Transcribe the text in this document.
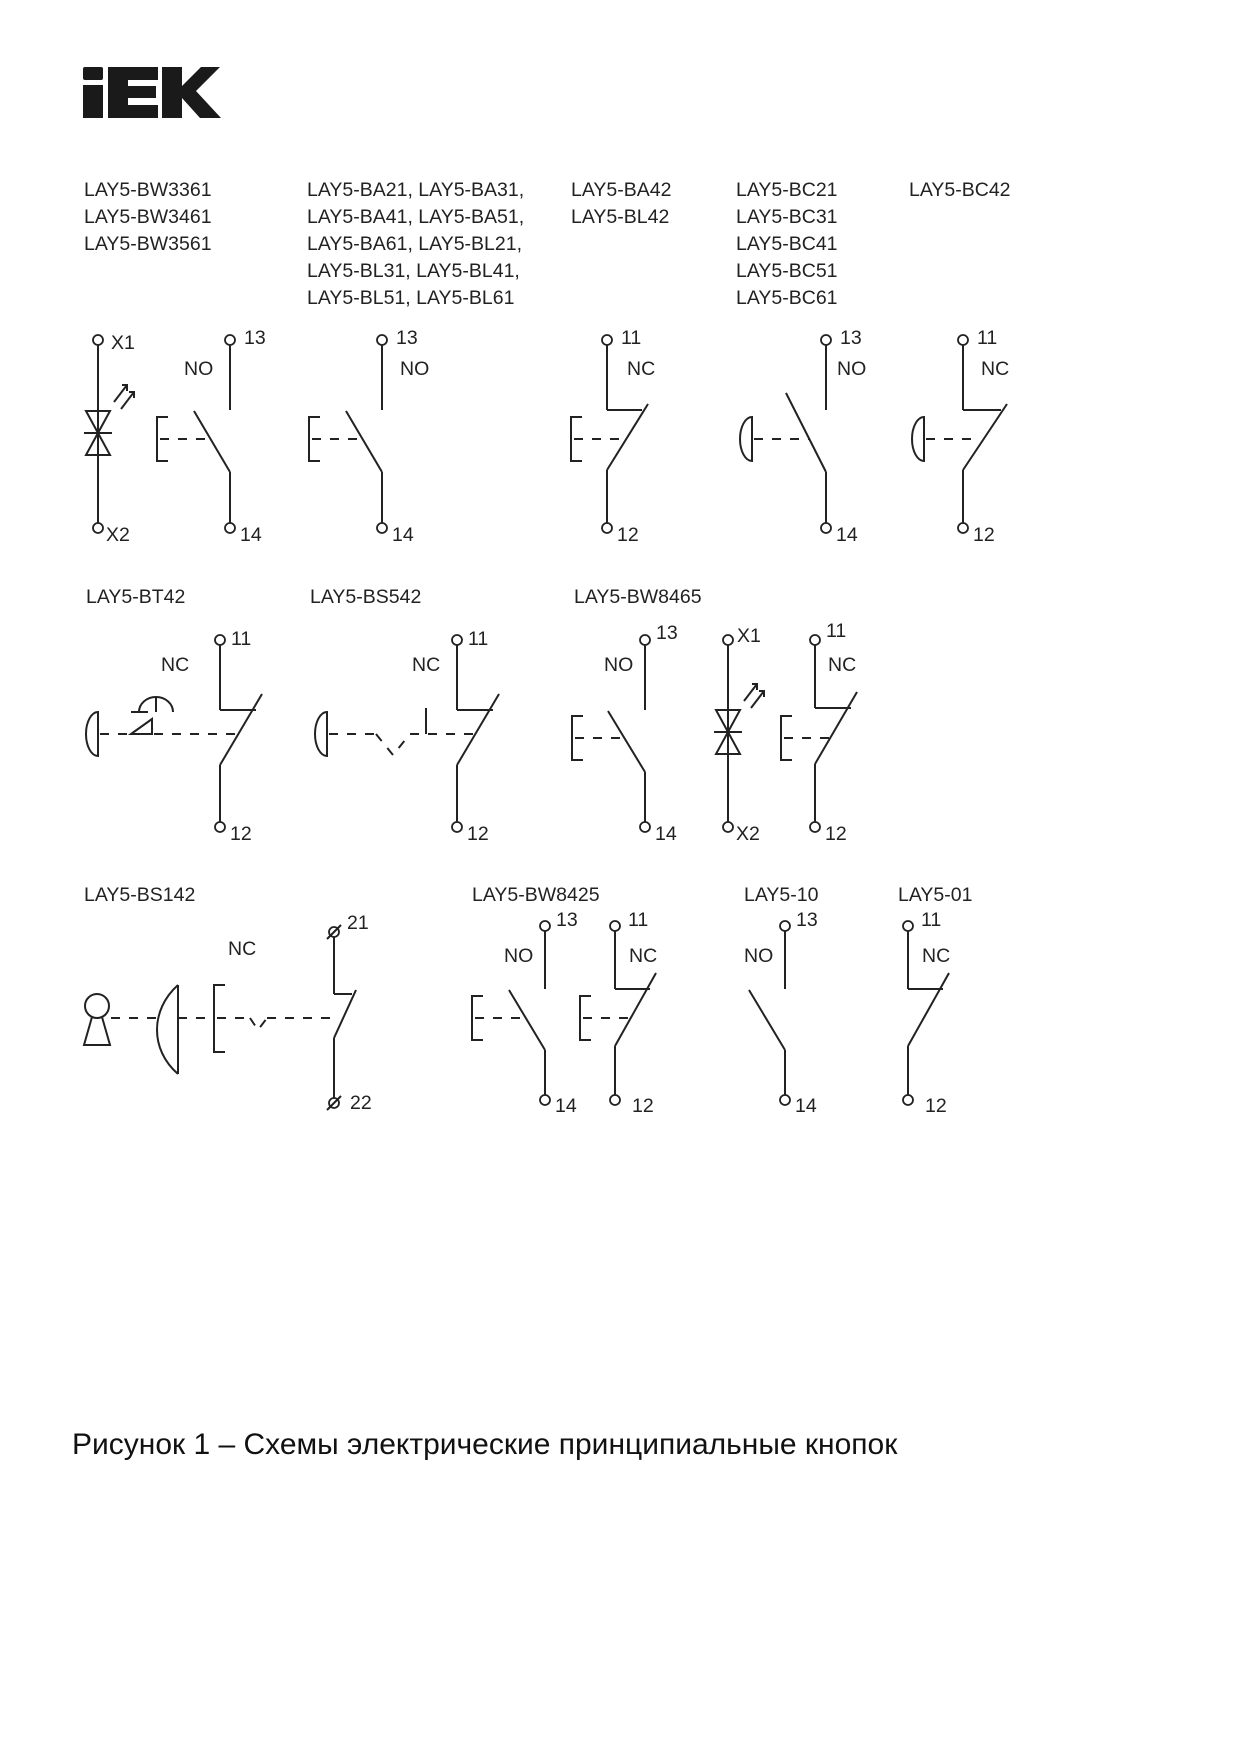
LAY5-BW3361
LAY5-BW3461
LAY5-BW3561
LAY5-BA21, LAY5-BA31,
LAY5-BA41, LAY5-BA51,
LAY5-BA61, LAY5-BL21,
LAY5-BL31, LAY5-BL41,
LAY5-BL51, LAY5-BL61
LAY5-BA42
LAY5-BL42
LAY5-BC21
LAY5-BC31
LAY5-BC41
LAY5-BC51
LAY5-BC61
LAY5-BC42
LAY5-BT42	LAY5-BS542	LAY5-BW8465
LAY5-BS142	LAY5-BW8425	LAY5-10	LAY5-01
X1
X2
13
14
NO
13
14
NO
11
12
NC
13
14
NO
11
12
NC
11
12
NC
11
12
NC
13
14
NO
X1
X2
11
12
NC
21
22
NC
13
14
NO
11
12
NC
13
14
NO
11
12
NC
Рисунок 1 – Схемы электрические принципиальные кнопок
